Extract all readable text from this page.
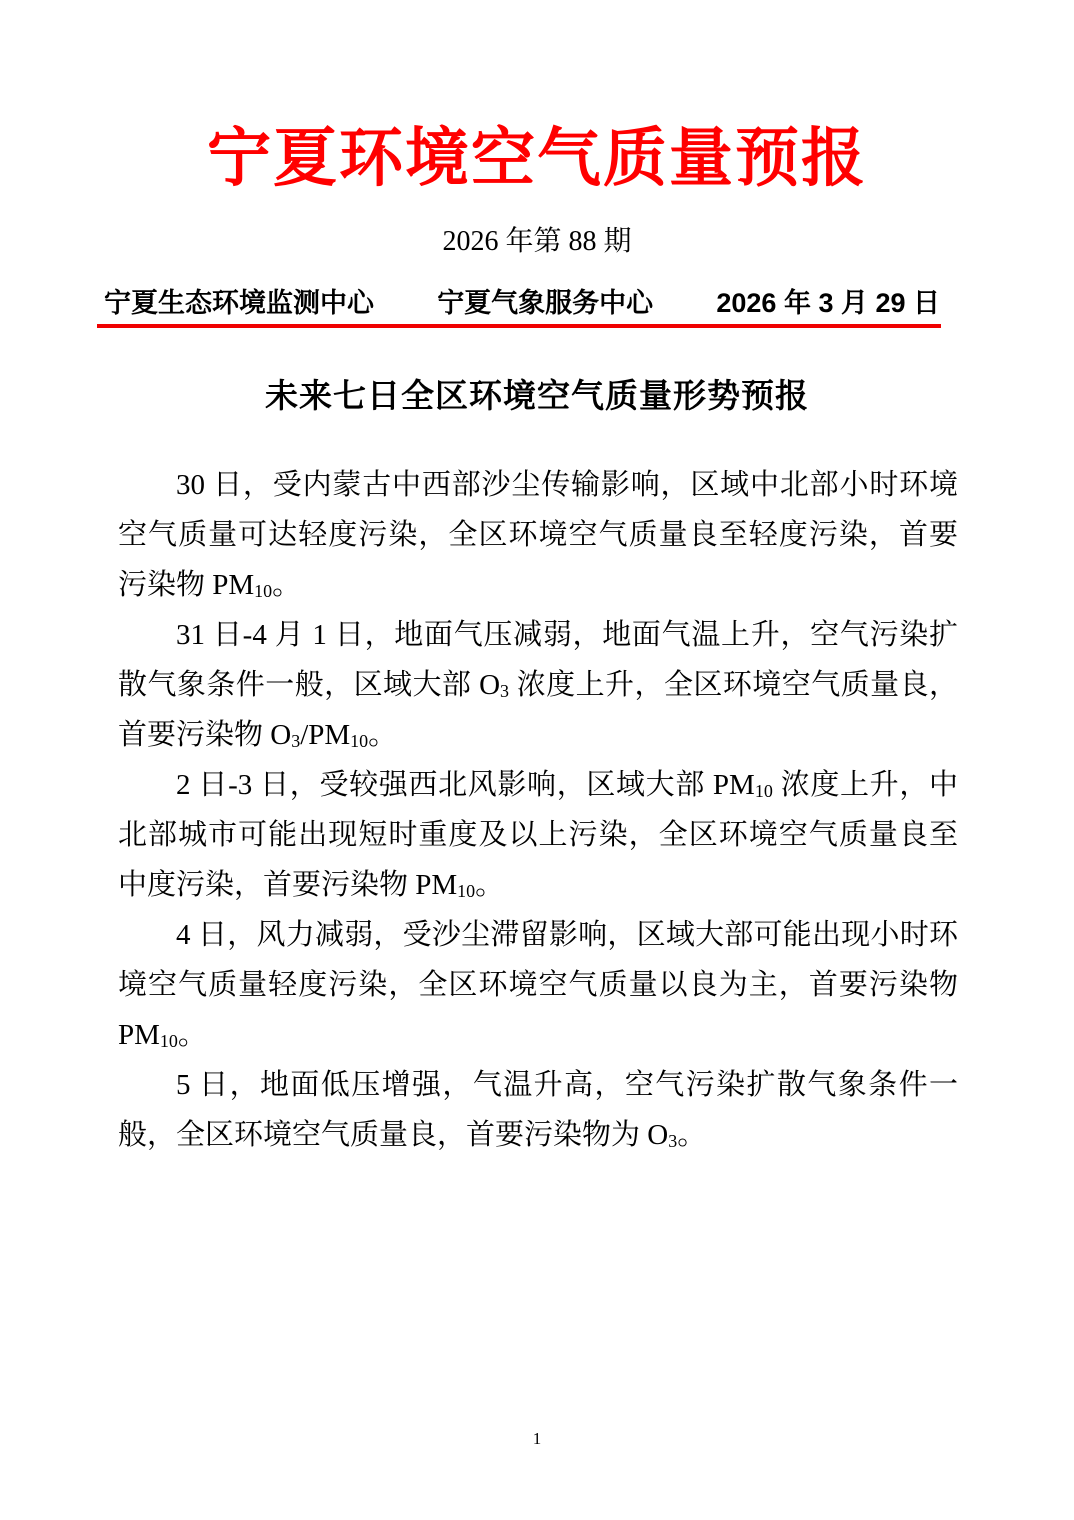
宁夏环境空气质量预报
2026 年第 88 期
宁夏生态环境监测中心 宁夏气象服务中心 2026 年 3 月 29 日
未来七日全区环境空气质量形势预报

30 日，受内蒙古中西部沙尘传输影响，区域中北部小时环境空气质量可达轻度污染，全区环境空气质量良至轻度污染，首要污染物 $PM_{10}$。

31 日-4 月 1 日，地面气压减弱，地面气温上升，空气污染扩散气象条件一般，区域大部 $O_3$ 浓度上升，全区环境空气质量良，首要污染物 $O_3/PM_{10}$。

2 日-3 日，受较强西北风影响，区域大部 $PM_{10}$ 浓度上升，中北部城市可能出现短时重度及以上污染，全区环境空气质量良至中度污染，首要污染物 $PM_{10}$。

4 日，风力减弱，受沙尘滞留影响，区域大部可能出现小时环境空气质量轻度污染，全区环境空气质量以良为主，首要污染物 $PM_{10}$。

5 日，地面低压增强，气温升高，空气污染扩散气象条件一般，全区环境空气质量良，首要污染物为 $O_3$。

1
